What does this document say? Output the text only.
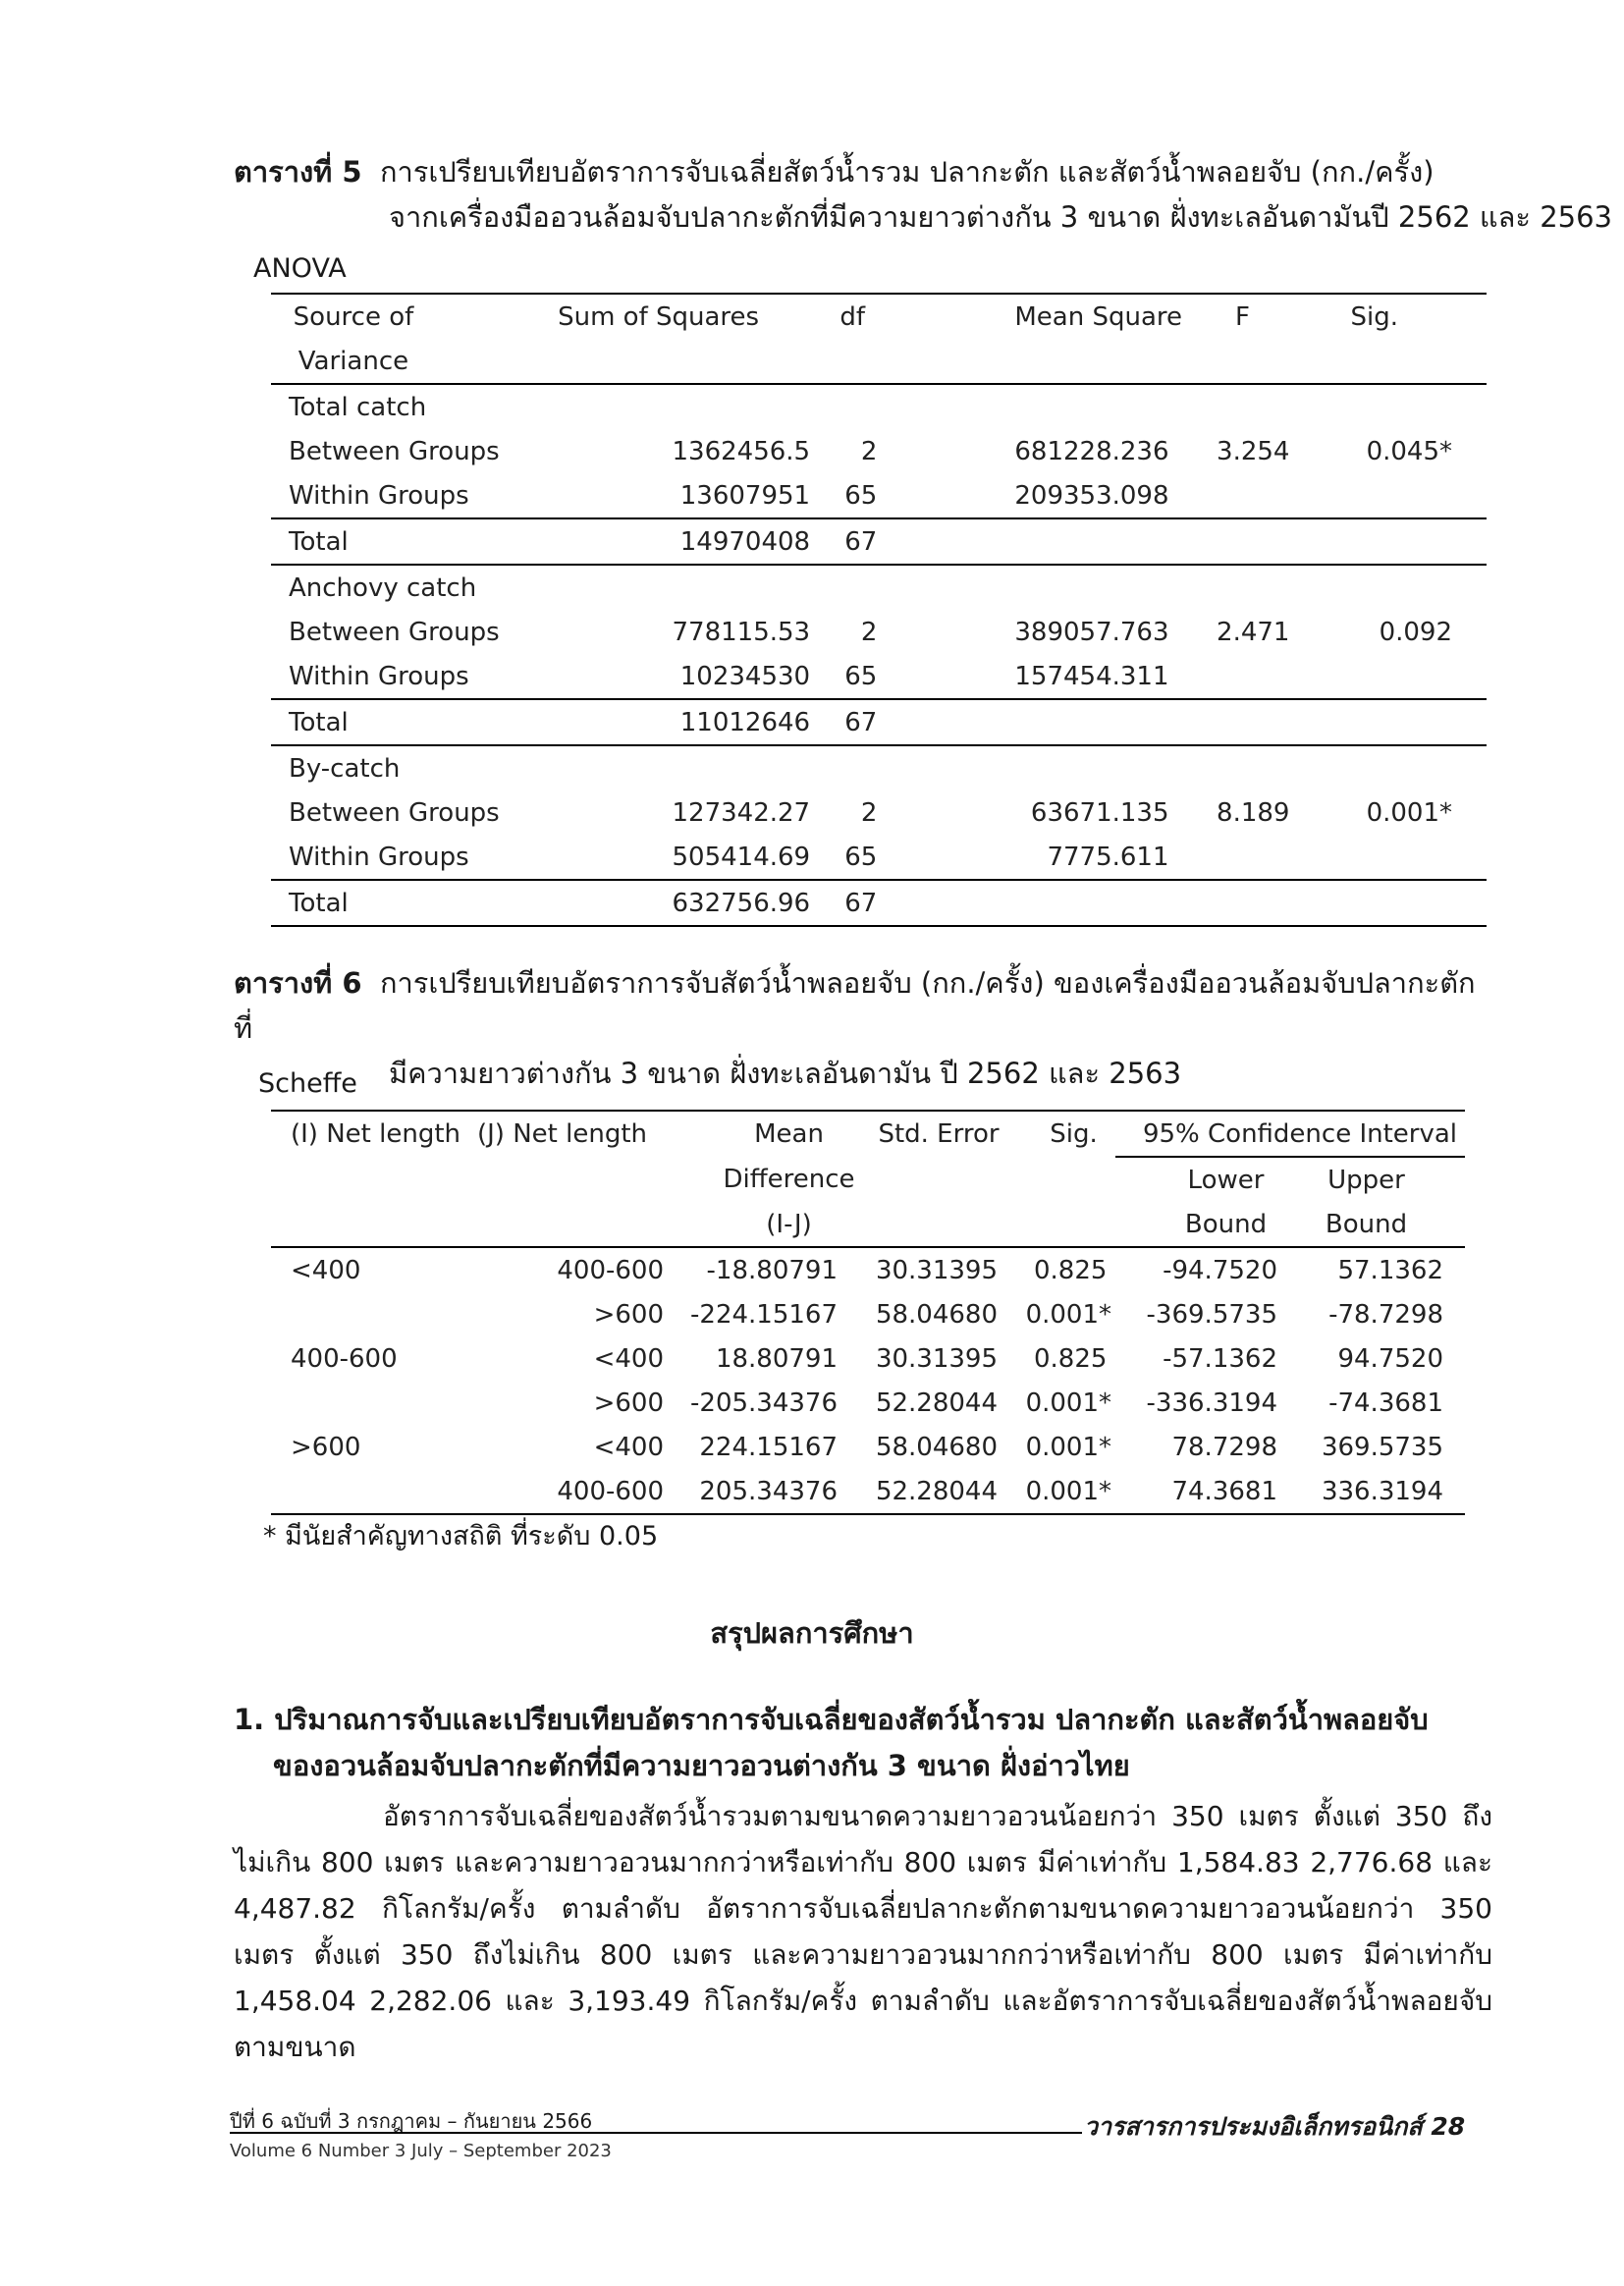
ตารางที่ 5 การเปรียบเทียบอัตราการจับเฉลี่ยสัตว์น้ำรวม ปลากะตัก และสัตว์น้ำพลอยจับ (กก./ครั้ง)
จากเครื่องมืออวนล้อมจับปลากะตักที่มีความยาวต่างกัน 3 ขนาด ฝั่งทะเลอันดามันปี 2562 และ 2563
ANOVA
Source of		Sum of Squares	df	Mean Square	F	Sig.
Variance						
Total catch						
Between Groups		1362456.5	2	681228.236	3.254	0.045*
Within Groups		13607951	65	209353.098		
Total		14970408	67			
Anchovy catch						
Between Groups		778115.53	2	389057.763	2.471	0.092
Within Groups		10234530	65	157454.311		
Total		11012646	67			
By-catch						
Between Groups		127342.27	2	63671.135	8.189	0.001*
Within Groups		505414.69	65	7775.611		
Total		632756.96	67			
ตารางที่ 6 การเปรียบเทียบอัตราการจับสัตว์น้ำพลอยจับ (กก./ครั้ง) ของเครื่องมืออวนล้อมจับปลากะตัก ที่
มีความยาวต่างกัน 3 ขนาด ฝั่งทะเลอันดามัน ปี 2562 และ 2563
Scheffe
(I) Net length	(J) Net length	Mean	Std. Error	Sig.	95% Confidence Interval	
		Difference			Lower	Upper
		(I-J)			Bound	Bound
<400	400-600	-18.80791	30.31395	0.825	-94.7520	57.1362
	>600	-224.15167	58.04680	0.001*	-369.5735	-78.7298
400-600	<400	18.80791	30.31395	0.825	-57.1362	94.7520
	>600	-205.34376	52.28044	0.001*	-336.3194	-74.3681
>600	<400	224.15167	58.04680	0.001*	78.7298	369.5735
	400-600	205.34376	52.28044	0.001*	74.3681	336.3194
* มีนัยสำคัญทางสถิติ ที่ระดับ 0.05
สรุปผลการศึกษา
1. ปริมาณการจับและเปรียบเทียบอัตราการจับเฉลี่ยของสัตว์น้ำรวม ปลากะตัก และสัตว์น้ำพลอยจับ
ของอวนล้อมจับปลากะตักที่มีความยาวอวนต่างกัน 3 ขนาด ฝั่งอ่าวไทย
อัตราการจับเฉลี่ยของสัตว์น้ำรวมตามขนาดความยาวอวนน้อยกว่า 350 เมตร ตั้งแต่ 350 ถึงไม่เกิน 800 เมตร และความยาวอวนมากกว่าหรือเท่ากับ 800 เมตร มีค่าเท่ากับ 1,584.83 2,776.68 และ 4,487.82 กิโลกรัม/ครั้ง ตามลำดับ อัตราการจับเฉลี่ยปลากะตักตามขนาดความยาวอวนน้อยกว่า 350 เมตร ตั้งแต่ 350 ถึงไม่เกิน 800 เมตร และความยาวอวนมากกว่าหรือเท่ากับ 800 เมตร มีค่าเท่ากับ 1,458.04 2,282.06 และ 3,193.49 กิโลกรัม/ครั้ง ตามลำดับ และอัตราการจับเฉลี่ยของสัตว์น้ำพลอยจับตามขนาด
ปีที่ 6 ฉบับที่ 3 กรกฎาคม – กันยายน 2566
Volume 6 Number 3 July – September 2023
วารสารการประมงอิเล็กทรอนิกส์ 28
